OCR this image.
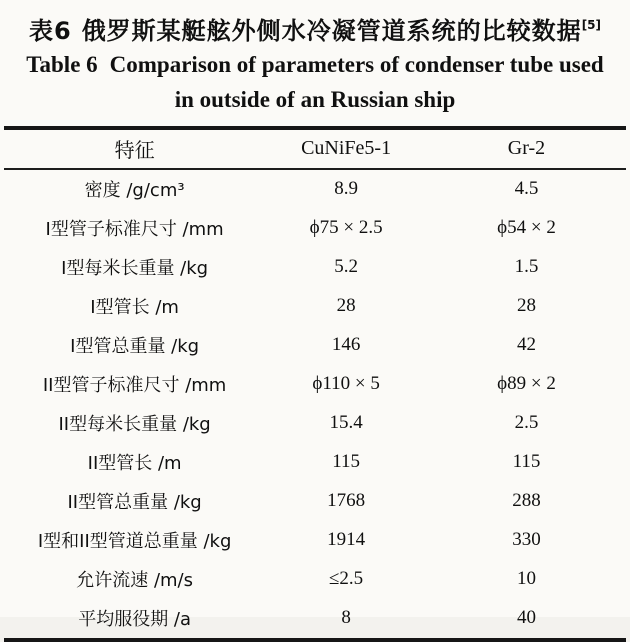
表6 俄罗斯某艇舷外侧水冷凝管道系统的比较数据[5]
Table 6 Comparison of parameters of condenser tube used
in outside of an Russian ship
特征	CuNiFe5-1	Gr-2
密度 /g/cm³	8.9	4.5
I型管子标准尺寸 /mm	ϕ75 × 2.5	ϕ54 × 2
I型每米长重量 /kg	5.2	1.5
I型管长 /m	28	28
I型管总重量 /kg	146	42
II型管子标准尺寸 /mm	ϕ110 × 5	ϕ89 × 2
II型每米长重量 /kg	15.4	2.5
II型管长 /m	115	115
II型管总重量 /kg	1768	288
I型和II型管道总重量 /kg	1914	330
允许流速 /m/s	≤2.5	10
平均服役期 /a	8	40
